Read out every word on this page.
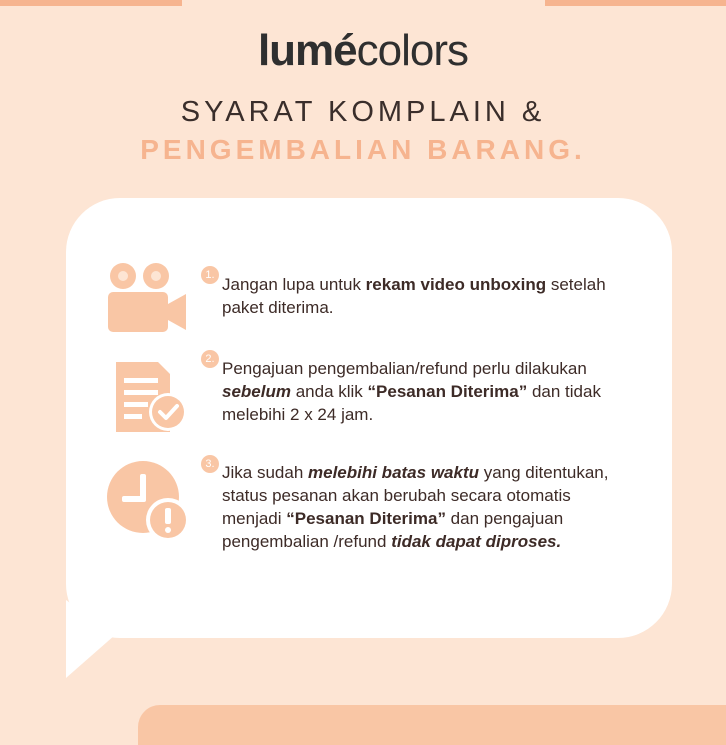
lumécolors
SYARAT KOMPLAIN &
PENGEMBALIAN BARANG.
1. Jangan lupa untuk rekam video unboxing setelah paket diterima.
2. Pengajuan pengembalian/refund perlu dilakukan sebelum anda klik “Pesanan Diterima” dan tidak melebihi 2 x 24 jam.
3. Jika sudah melebihi batas waktu yang ditentukan, status pesanan akan berubah secara otomatis menjadi “Pesanan Diterima” dan pengajuan pengembalian /refund tidak dapat diproses.
